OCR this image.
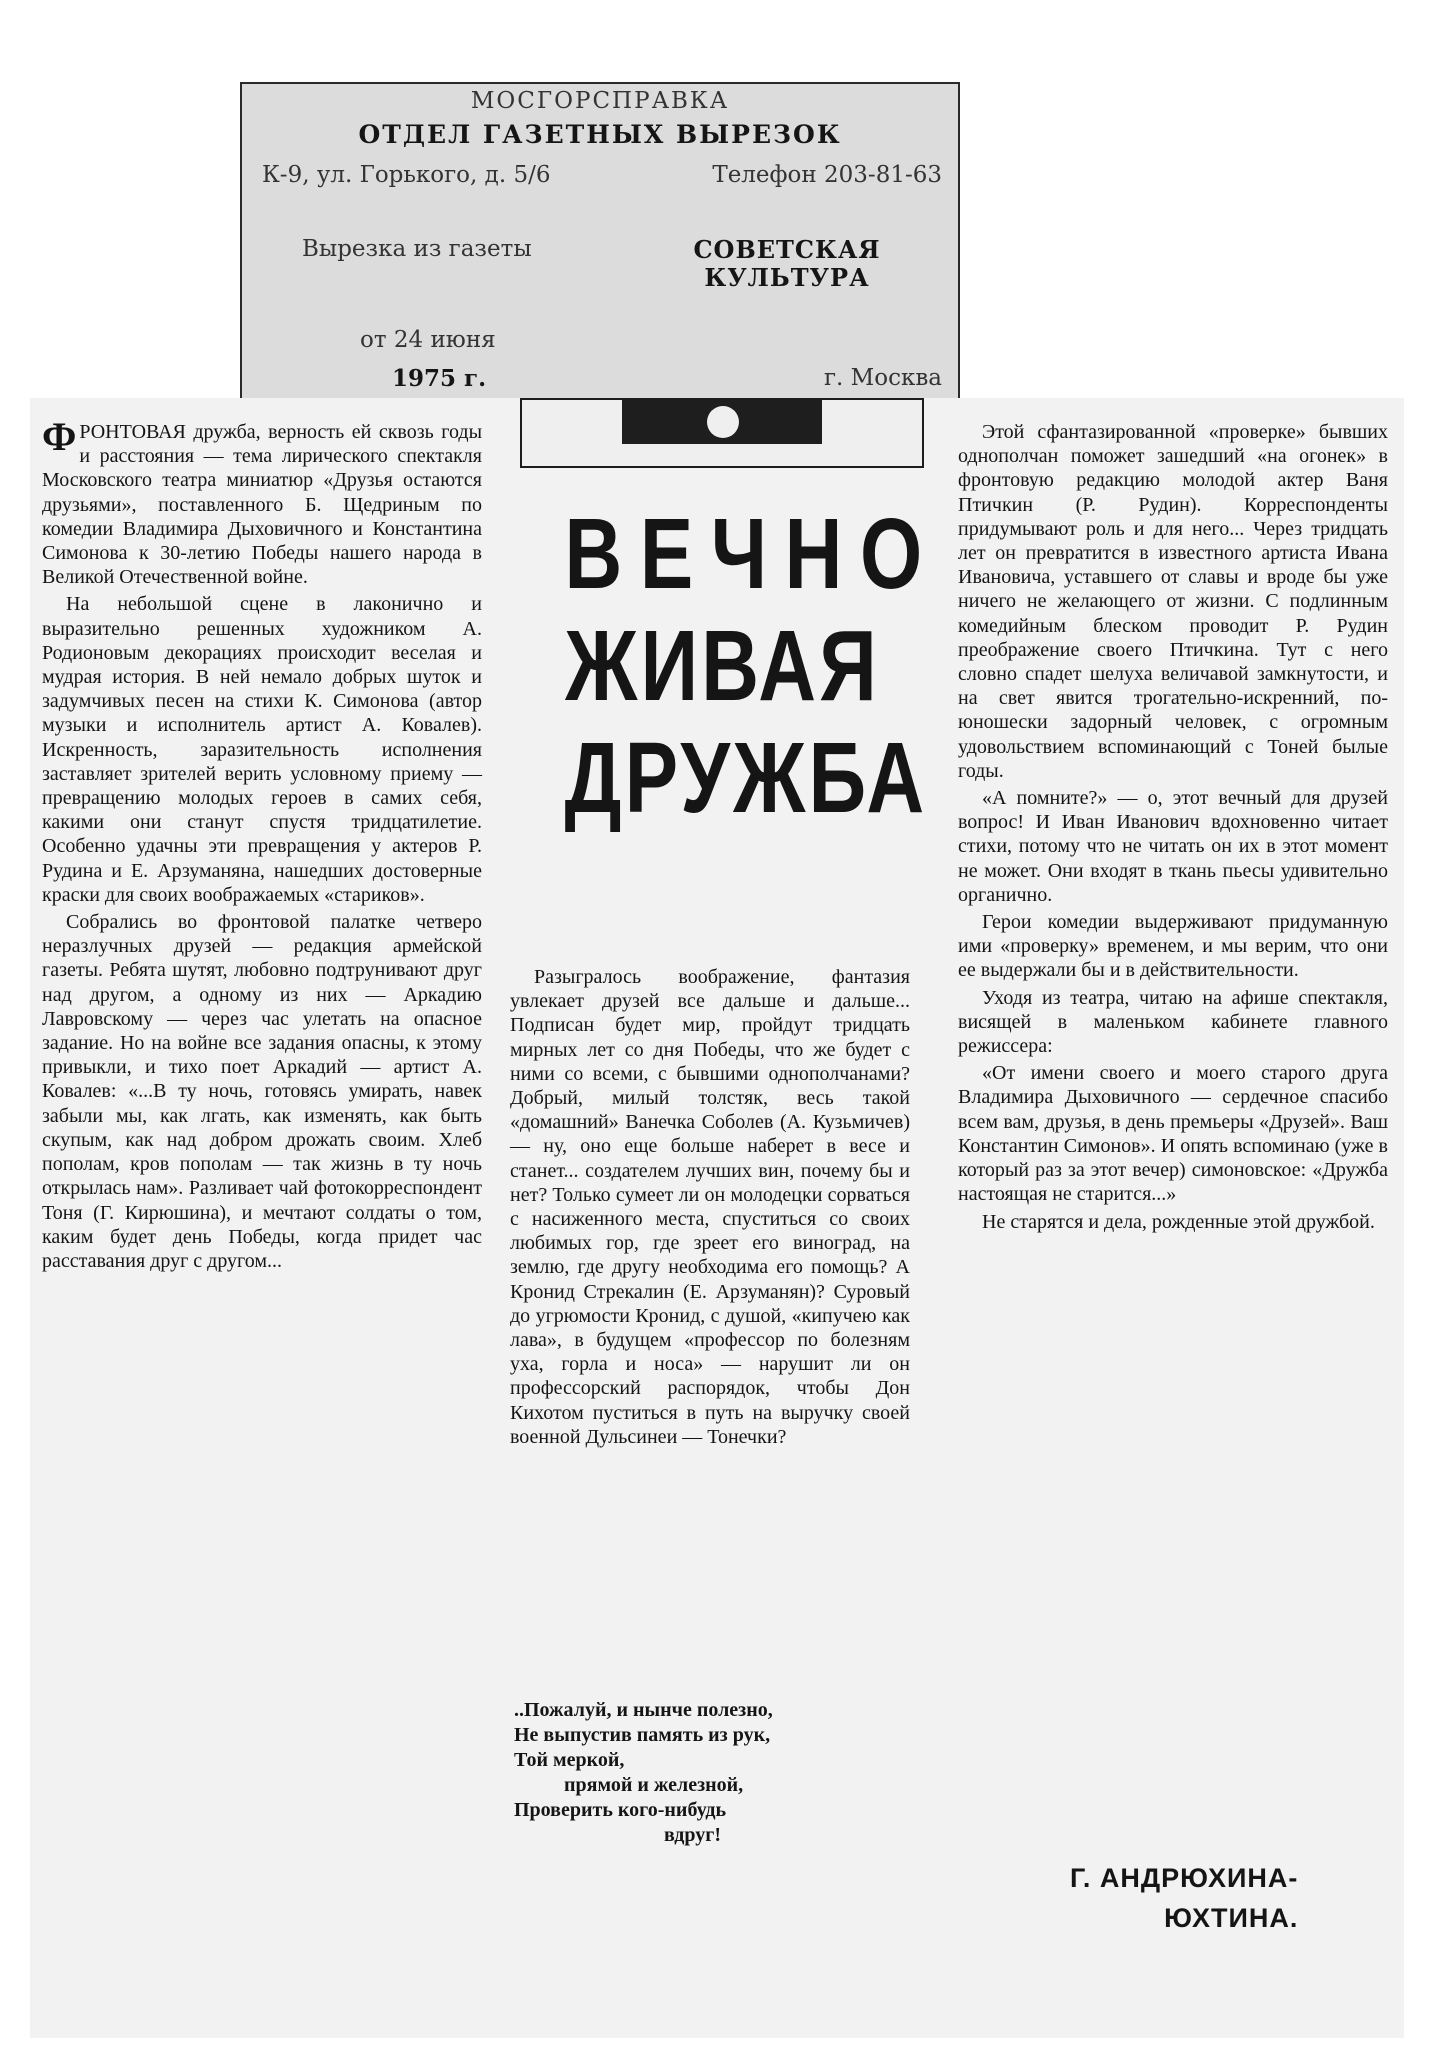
МОСГОРСПРАВКА
ОТДЕЛ ГАЗЕТНЫХ ВЫРЕЗОК
К-9, ул. Горького, д. 5/6	Телефон 203-81-63
Вырезка из газеты	СОВЕТСКАЯ
КУЛЬТУРА
от 24 июня
1975 г.	г. Москва

ФРОНТОВАЯ дружба, верность ей сквозь годы и расстояния — тема лирического спектакля Московского театра миниатюр «Друзья остаются друзьями», поставленного Б. Щедриным по комедии Владимира Дыховичного и Константина Симонова к 30-летию Победы нашего народа в Великой Отечественной войне.

На небольшой сцене в лаконично и выразительно решенных художником А. Родионовым декорациях происходит веселая и мудрая история. В ней немало добрых шуток и задумчивых песен на стихи К. Симонова (автор музыки и исполнитель артист А. Ковалев). Искренность, заразительность исполнения заставляет зрителей верить условному приему — превращению молодых героев в самих себя, какими они станут спустя тридцатилетие. Особенно удачны эти превращения у актеров Р. Рудина и Е. Арзуманяна, нашедших достоверные краски для своих воображаемых «стариков».

Собрались во фронтовой палатке четверо неразлучных друзей — редакция армейской газеты. Ребята шутят, любовно подтрунивают друг над другом, а одному из них — Аркадию Лавровскому — через час улетать на опасное задание. Но на войне все задания опасны, к этому привыкли, и тихо поет Аркадий — артист А. Ковалев: «...В ту ночь, готовясь умирать, навек забыли мы, как лгать, как изменять, как быть скупым, как над добром дрожать своим. Хлеб пополам, кров пополам — так жизнь в ту ночь открылась нам». Разливает чай фотокорреспондент Тоня (Г. Кирюшина), и мечтают солдаты о том, каким будет день Победы, когда придет час расставания друг с другом...

ВЕЧНО
ЖИВАЯ
ДРУЖБА

Разыгралось воображение, фантазия увлекает друзей все дальше и дальше... Подписан будет мир, пройдут тридцать мирных лет со дня Победы, что же будет с ними со всеми, с бывшими однополчанами? Добрый, милый толстяк, весь такой «домашний» Ванечка Соболев (А. Кузьмичев) — ну, оно еще больше наберет в весе и станет... создателем лучших вин, почему бы и нет? Только сумеет ли он молодецки сорваться с насиженного места, спуститься со своих любимых гор, где зреет его виноград, на землю, где другу необходима его помощь? А Кронид Стрекалин (Е. Арзуманян)? Суровый до угрюмости Кронид, с душой, «кипучею как лава», в будущем «профессор по болезням уха, горла и носа» — нарушит ли он профессорский распорядок, чтобы Дон Кихотом пуститься в путь на выручку своей военной Дульсинеи — Тонечки?

..Пожалуй, и нынче полезно,
Не выпустив память из рук,
Той меркой,
прямой и железной,
Проверить кого-нибудь
вдруг!

Этой сфантазированной «проверке» бывших однополчан поможет зашедший «на огонек» в фронтовую редакцию молодой актер Ваня Птичкин (Р. Рудин). Корреспонденты придумывают роль и для него... Через тридцать лет он превратится в известного артиста Ивана Ивановича, уставшего от славы и вроде бы уже ничего не желающего от жизни. С подлинным комедийным блеском проводит Р. Рудин преображение своего Птичкина. Тут с него словно спадет шелуха величавой замкнутости, и на свет явится трогательно-искренний, по-юношески задорный человек, с огромным удовольствием вспоминающий с Тоней былые годы.

«А помните?» — о, этот вечный для друзей вопрос! И Иван Иванович вдохновенно читает стихи, потому что не читать он их в этот момент не может. Они входят в ткань пьесы удивительно органично.

Герои комедии выдерживают придуманную ими «проверку» временем, и мы верим, что они ее выдержали бы и в действительности.

Уходя из театра, читаю на афише спектакля, висящей в маленьком кабинете главного режиссера:

«От имени своего и моего старого друга Владимира Дыховичного — сердечное спасибо всем вам, друзья, в день премьеры «Друзей». Ваш Константин Симонов». И опять вспоминаю (уже в который раз за этот вечер) симоновское: «Дружба настоящая не старится...»

Не старятся и дела, рожденные этой дружбой.

Г. АНДРЮХИНА-
ЮХТИНА.
